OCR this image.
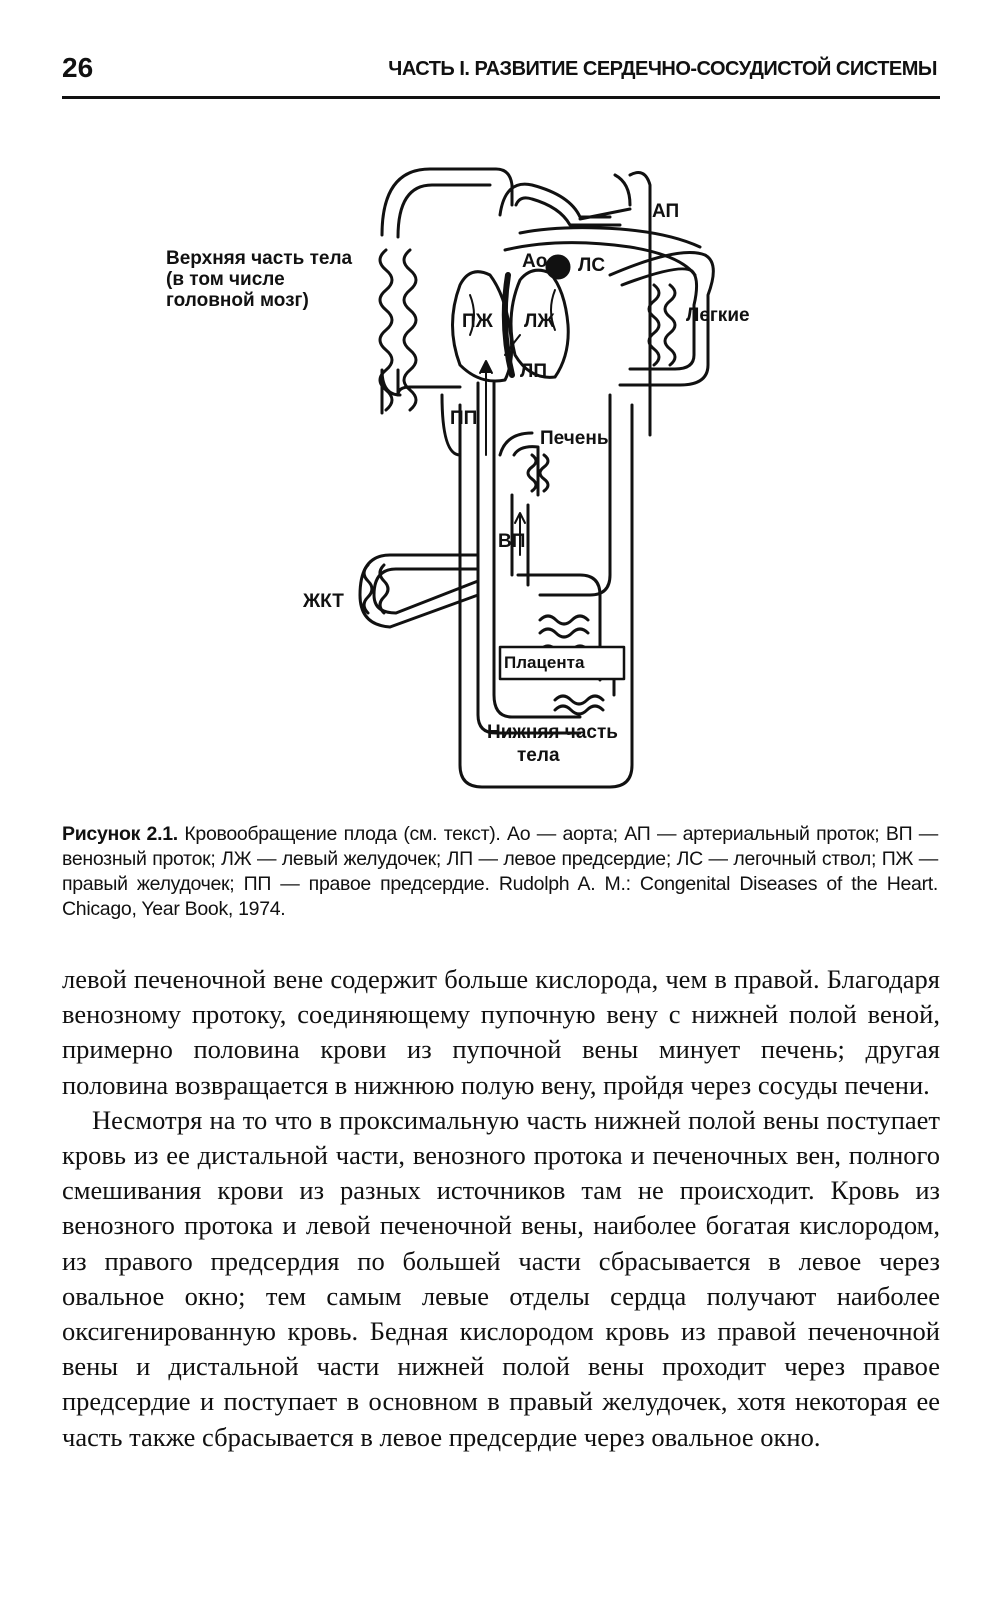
26	ЧАСТЬ I. РАЗВИТИЕ СЕРДЕЧНО-СОСУДИСТОЙ СИСТЕМЫ
Верхняя часть тела
(в том числе
головной мозг)
АП
Легкие
Ао ЛС
ПЖ ЛЖ
ЛП
ПП
Печень
ВП
ЖКТ
Плацента
Нижняя часть
тела
Рисунок 2.1. Кровообращение плода (см. текст). Ао — аорта; АП — артериальный проток; ВП — венозный проток; ЛЖ — левый желудочек; ЛП — левое предсердие; ЛС — легочный ствол; ПЖ — правый желудочек; ПП — правое предсердие. Rudolph A. M.: Congenital Diseases of the Heart. Chicago, Year Book, 1974.

левой печеночной вене содержит больше кислорода, чем в правой. Благодаря венозному протоку, соединяющему пупочную вену с нижней полой веной, примерно половина крови из пупочной вены минует печень; другая половина возвращается в нижнюю полую вену, пройдя через сосуды печени.

Несмотря на то что в проксимальную часть нижней полой вены поступает кровь из ее дистальной части, венозного протока и печеночных вен, полного смешивания крови из разных источников там не происходит. Кровь из венозного протока и левой печеночной вены, наиболее богатая кислородом, из правого предсердия по большей части сбрасывается в левое через овальное окно; тем самым левые отделы сердца получают наиболее оксигенированную кровь. Бедная кислородом кровь из правой печеночной вены и дистальной части нижней полой вены проходит через правое предсердие и поступает в основном в правый желудочек, хотя некоторая ее часть также сбрасывается в левое предсердие через овальное окно.
